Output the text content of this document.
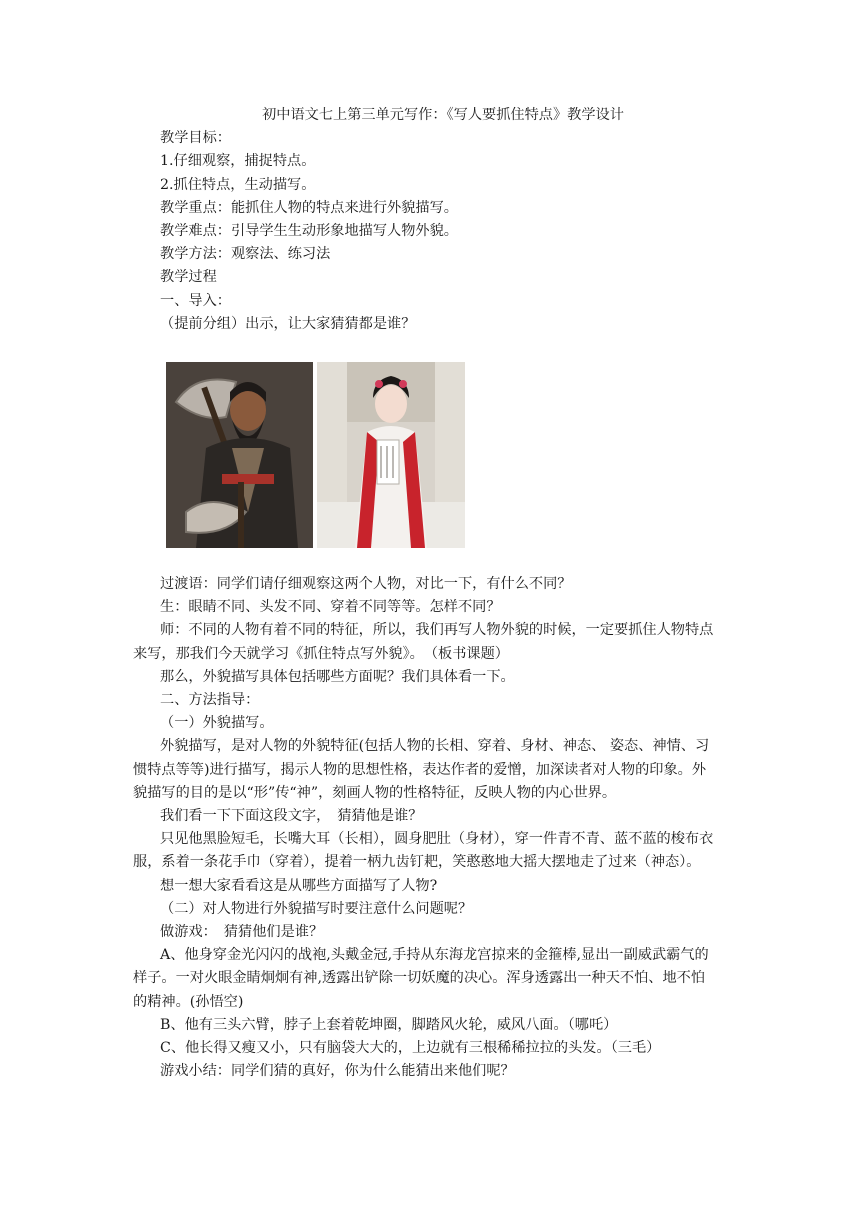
初中语文七上第三单元写作：《写人要抓住特点》教学设计

教学目标：

1.仔细观察，捕捉特点。

2.抓住特点，生动描写。

教学重点：能抓住人物的特点来进行外貌描写。

教学难点：引导学生生动形象地描写人物外貌。

教学方法：观察法、练习法

教学过程

一、导入：

（提前分组）出示，让大家猜猜都是谁？

过渡语：同学们请仔细观察这两个人物，对比一下，有什么不同？

生：眼睛不同、头发不同、穿着不同等等。怎样不同？

师：不同的人物有着不同的特征，所以，我们再写人物外貌的时候，一定要抓住人物特点来写，那我们今天就学习《抓住特点写外貌》。　（板书课题）

那么，外貌描写具体包括哪些方面呢？我们具体看一下。

二、方法指导：

（一）外貌描写。

外貌描写，是对人物的外貌特征(包括人物的长相、穿着、身材、神态、 姿态、神情、习惯特点等等)进行描写，揭示人物的思想性格，表达作者的爱憎，加深读者对人物的印象。外貌描写的目的是以“形”传“神”，刻画人物的性格特征，反映人物的内心世界。

我们看一下下面这段文字，　猜猜他是谁？

只见他黑脸短毛，长嘴大耳（长相），圆身肥肚（身材），穿一件青不青、蓝不蓝的梭布衣服，系着一条花手巾（穿着），提着一柄九齿钉耙，笑憨憨地大摇大摆地走了过来（神态）。

想一想大家看看这是从哪些方面描写了人物?

（二）对人物进行外貌描写时要注意什么问题呢？

做游戏：　猜猜他们是谁？

A、他身穿金光闪闪的战袍,头戴金冠,手持从东海龙宫掠来的金箍棒,显出一副威武霸气的样子。一对火眼金睛炯炯有神,透露出铲除一切妖魔的决心。浑身透露出一种天不怕、地不怕的精神。(孙悟空)

B、他有三头六臂，脖子上套着乾坤圈，脚踏风火轮，威风八面。（哪吒）

C、他长得又瘦又小，只有脑袋大大的，上边就有三根稀稀拉拉的头发。（三毛）

游戏小结：同学们猜的真好，你为什么能猜出来他们呢？
